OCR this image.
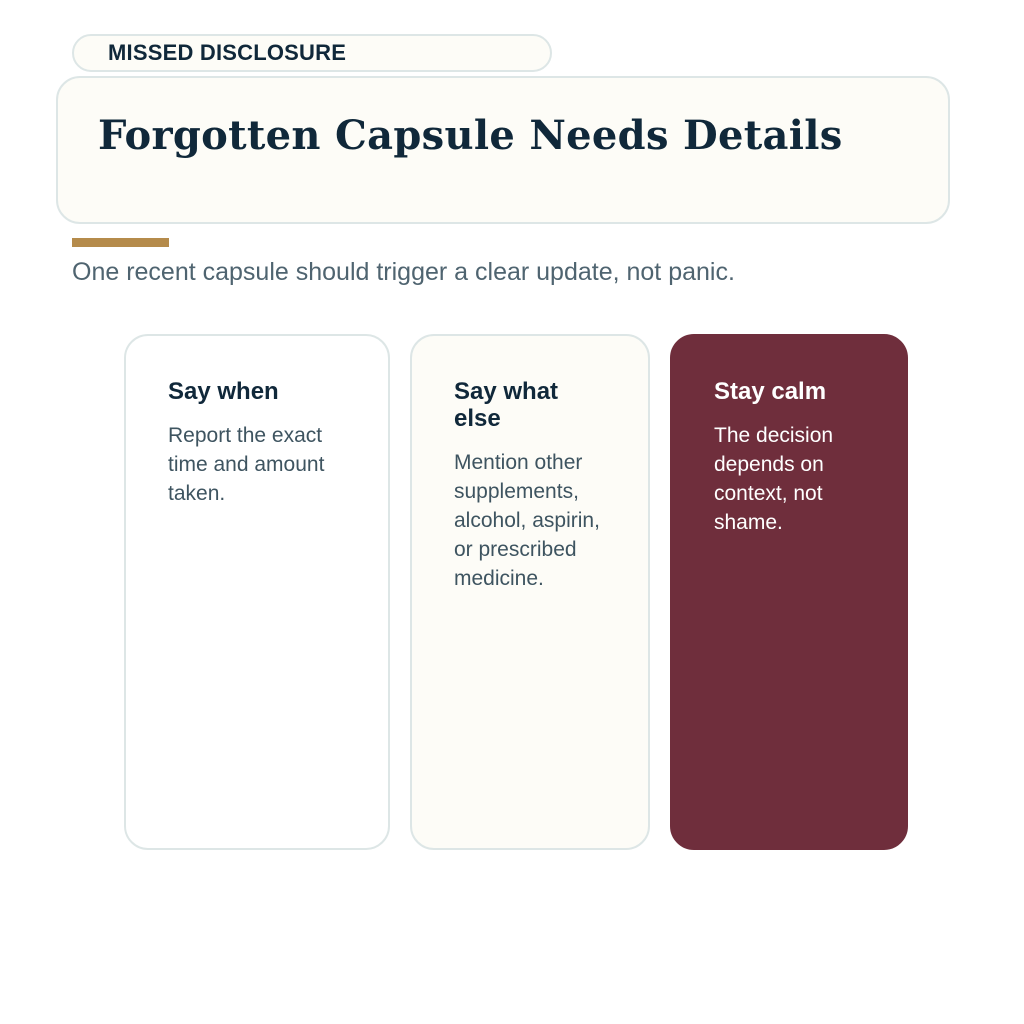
MISSED DISCLOSURE
Forgotten Capsule Needs Details

One recent capsule should trigger a clear update, not panic.

Say when

Report the exact time and amount taken.

Say what else

Mention other supplements, alcohol, aspirin, or prescribed medicine.

Stay calm

The decision depends on context, not shame.
